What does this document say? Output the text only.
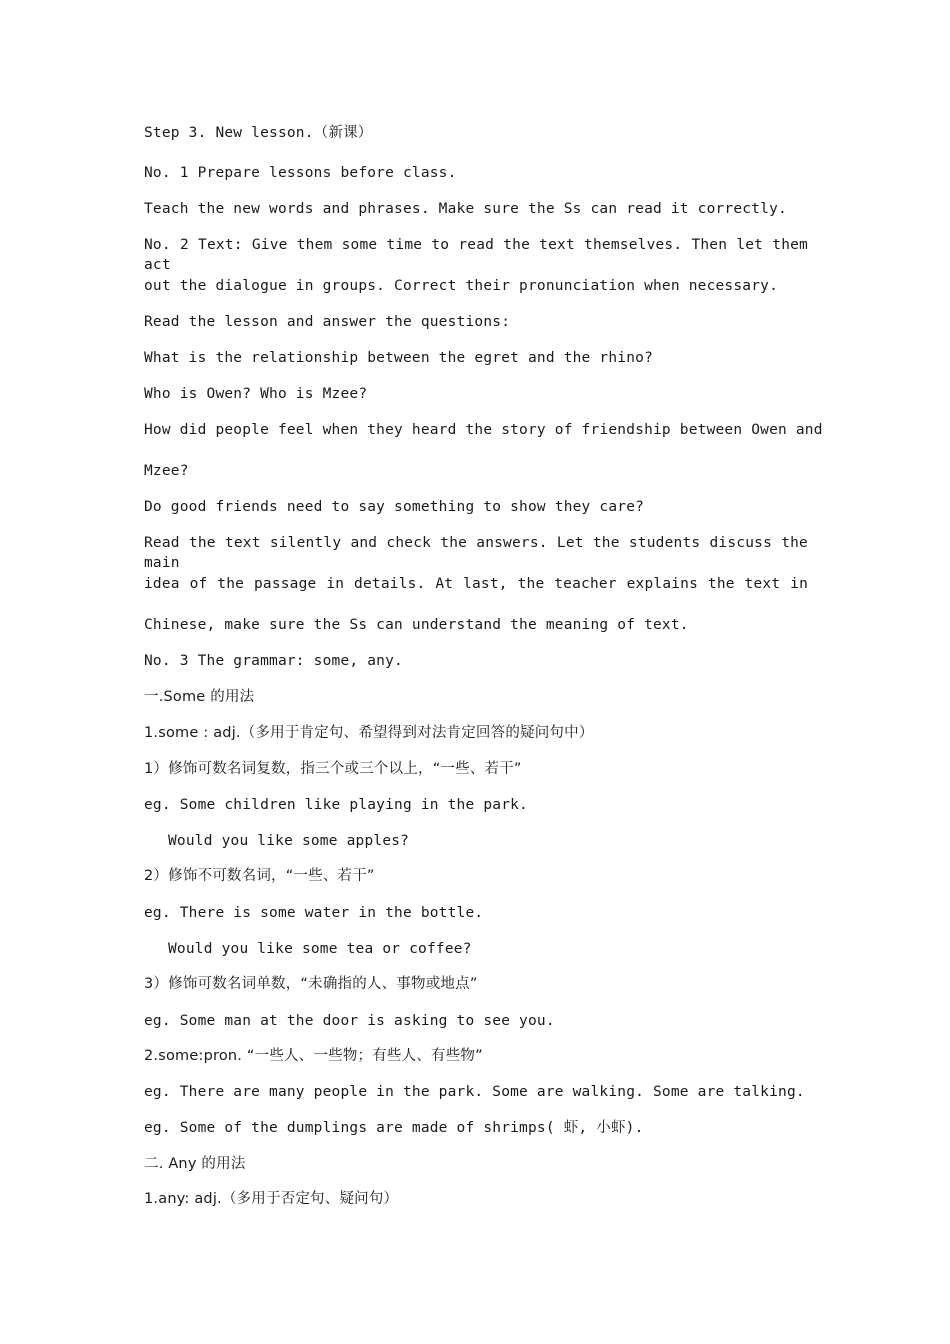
Step 3. New lesson.（新课）
No. 1 Prepare lessons before class.
Teach the new words and phrases. Make sure the Ss can read it correctly.
No. 2 Text: Give them some time to read the text themselves. Then let them act
out the dialogue in groups. Correct their pronunciation when necessary.
Read the lesson and answer the questions:
What is the relationship between the egret and the rhino?
Who is Owen? Who is Mzee?
How did people feel when they heard the story of friendship between Owen and
Mzee?
Do good friends need to say something to show they care?
Read the text silently and check the answers. Let the students discuss the main
idea of the passage in details. At last, the teacher explains the text in
Chinese, make sure the Ss can understand the meaning of text.
No. 3 The grammar: some, any.
一.Some 的用法
1.some : adj.（多用于肯定句、希望得到对法肯定回答的疑问句中）
1）修饰可数名词复数，指三个或三个以上，“一些、若干”
eg. Some children like playing in the park.
Would you like some apples?
2）修饰不可数名词，“一些、若干”
eg. There is some water in the bottle.
Would you like some tea or coffee?
3）修饰可数名词单数，“未确指的人、事物或地点”
eg. Some man at the door is asking to see you.
2.some:pron. “一些人、一些物；有些人、有些物”
eg. There are many people in the park. Some are walking. Some are talking.
eg. Some of the dumplings are made of shrimps( 虾, 小虾).
二. Any 的用法
1.any: adj.（多用于否定句、疑问句）
